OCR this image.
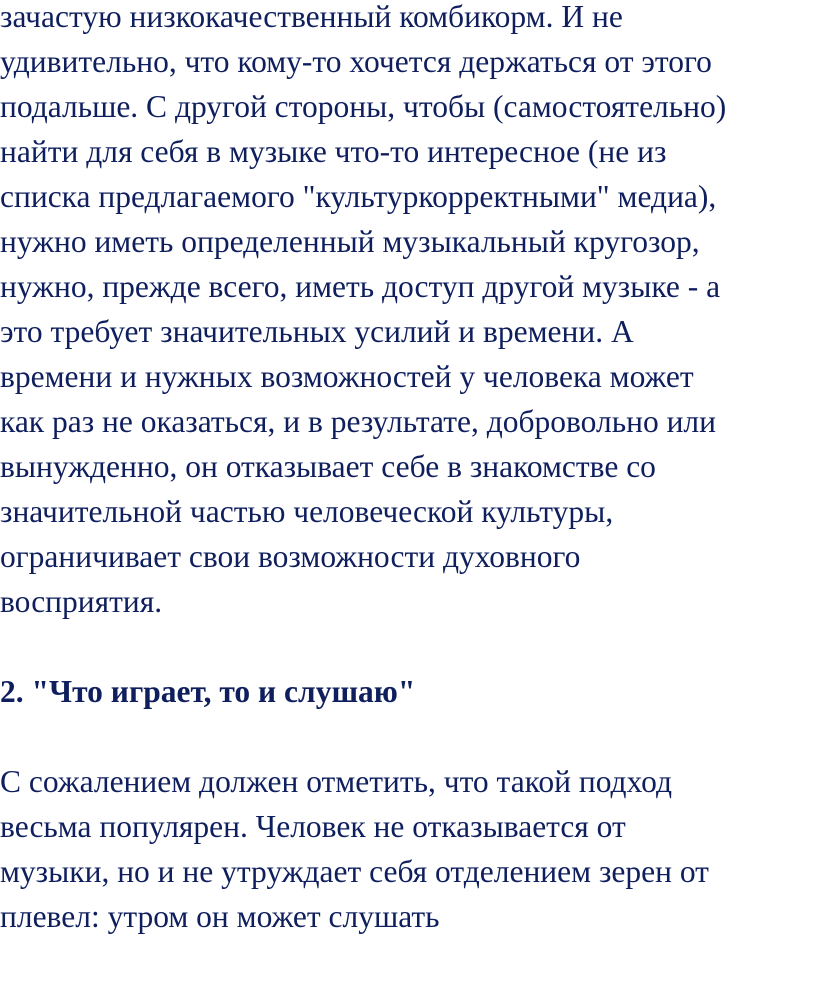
зачастую низкокачественный комбикорм. И не
удивительно, что кому-то хочется держаться от этого
подальше. С другой стороны, чтобы (самостоятельно)
найти для себя в музыке что-то интересное (не из
списка предлагаемого "культуркорректными" медиа),
нужно иметь определенный музыкальный кругозор,
нужно, прежде всего, иметь доступ другой музыке - а
это требует значительных усилий и времени. А
времени и нужных возможностей у человека может
как раз не оказаться, и в результате, добровольно или
вынужденно, он отказывает себе в знакомстве со
значительной частью человеческой культуры,
ограничивает свои возможности духовного
восприятия.

2. "Что играет, то и слушаю"

С сожалением должен отметить, что такой подход
весьма популярен. Человек не отказывается от
музыки, но и не утруждает себя отделением зерен от
плевел: утром он может слушать
